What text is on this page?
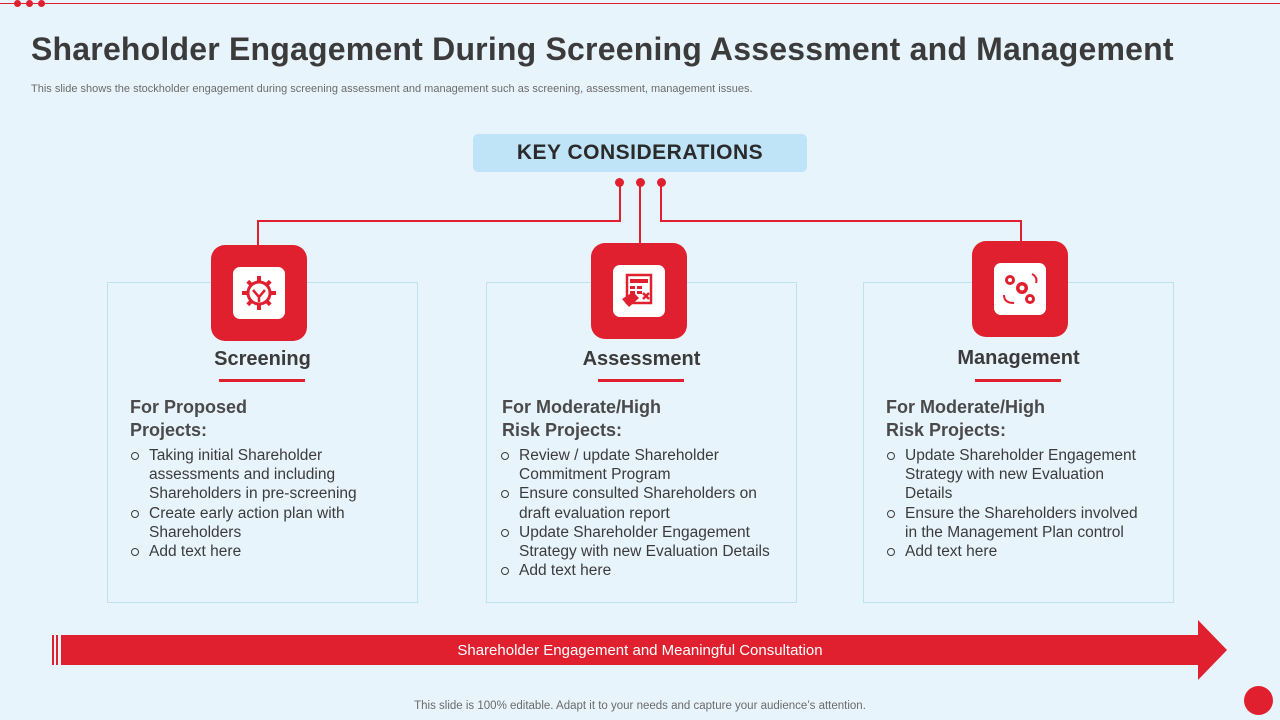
Shareholder Engagement During Screening Assessment and Management

This slide shows the stockholder engagement during screening assessment and management such as screening, assessment, management issues.

KEY CONSIDERATIONS
Screening
For Proposed
Projects:
Taking initial Shareholder
assessments and including
Shareholders in pre-screening
Create early action plan with
Shareholders
Add text here
Assessment
For Moderate/High
Risk Projects:
Review / update Shareholder
Commitment Program
Ensure consulted Shareholders on
draft evaluation report
Update Shareholder Engagement
Strategy with new Evaluation Details
Add text here
Management
For Moderate/High
Risk Projects:
Update Shareholder Engagement
Strategy with new Evaluation
Details
Ensure the Shareholders involved
in the Management Plan control
Add text here
Shareholder Engagement and Meaningful Consultation
This slide is 100% editable. Adapt it to your needs and capture your audience’s attention.
